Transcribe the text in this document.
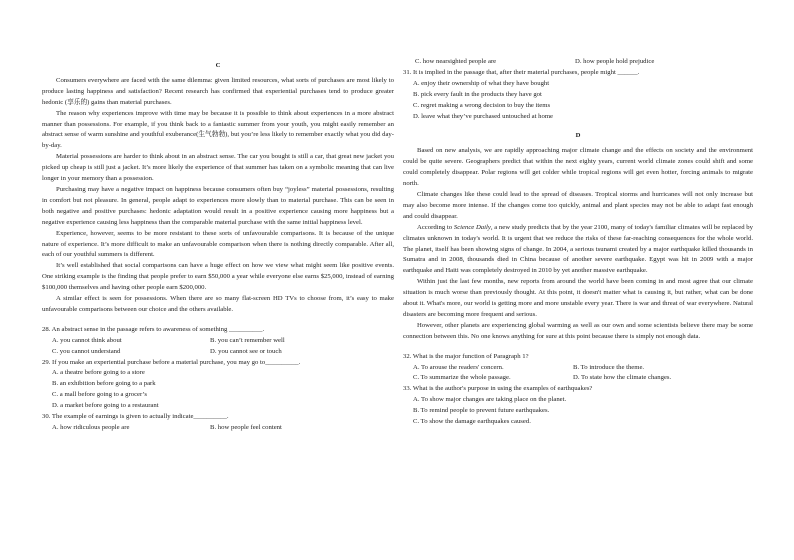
C

Consumers everywhere are faced with the same dilemma: given limited resources, what sorts of purchases are most likely to produce lasting happiness and satisfaction? Recent research has confirmed that experiential purchases tend to produce greater hedonic (享乐的) gains than material purchases.

The reason why experiences improve with time may be because it is possible to think about experiences in a more abstract manner than possessions. For example, if you think back to a fantastic summer from your youth, you might easily remember an abstract sense of warm sunshine and youthful exuberance(生气勃勃), but you’re less likely to remember exactly what you did day-by-day.

Material possessions are harder to think about in an abstract sense. The car you bought is still a car, that great new jacket you picked up cheap is still just a jacket. It’s more likely the experience of that summer has taken on a symbolic meaning that can live longer in your memory than a possession.

Purchasing may have a negative impact on happiness because consumers often buy “joyless” material possessions, resulting in comfort but not pleasure. In general, people adapt to experiences more slowly than to material purchase. This can be seen in both negative and positive purchases: hedonic adaptation would result in a positive experience causing more happiness but a negative experience causing less happiness than the comparable material purchase with the same initial happiness level.

Experience, however, seems to be more resistant to these sorts of unfavourable comparisons. It is because of the unique nature of experience. It’s more difficult to make an unfavourable comparison when there is nothing directly comparable. After all, each of our youthful summers is different.

It’s well established that social comparisons can have a huge effect on how we view what might seem like positive events. One striking example is the finding that people prefer to earn $50,000 a year while everyone else earns $25,000, instead of earning $100,000 themselves and having other people earn $200,000.

A similar effect is seen for possessions. When there are so many flat-screen HD TVs to choose from, it’s easy to make unfavourable comparisons between our choice and the others available.

28. An abstract sense in the passage refers to awareness of something __________.
A. you cannot think about	B. you can’t remember well
C. you cannot understand	D. you cannot see or touch
29. If you make an experiential purchase before a material purchase, you may go to__________.
A. a theatre before going to a store
B. an exhibition before going to a park
C. a mall before going to a grocer’s
D. a market before going to a restaurant
30. The example of earnings is given to actually indicate__________.
A. how ridiculous people are	B. how people feel content
C. how nearsighted people are	D. how people hold prejudice
31. It is implied in the passage that, after their material purchases, people might ______.
A. enjoy their ownership of what they have bought
B. pick every fault in the products they have got
C. regret making a wrong decision to buy the items
D. leave what they’ve purchased untouched at home
D

Based on new analysis, we are rapidly approaching major climate change and the effects on society and the environment could be quite severe. Geographers predict that within the next eighty years, current world climate zones could shift and some could completely disappear. Polar regions will get colder while tropical regions will get even hotter, forcing animals to migrate north.

Climate changes like these could lead to the spread of diseases. Tropical storms and hurricanes will not only increase but may also become more intense. If the changes come too quickly, animal and plant species may not be able to adapt fast enough and could disappear.

According to Science Daily, a new study predicts that by the year 2100, many of today's familiar climates will be replaced by climates unknown in today's world. It is urgent that we reduce the risks of these far-reaching consequences for the whole world. The planet, itself has been showing signs of change. In 2004, a serious tsunami created by a major earthquake killed thousands in Sumatra and in 2008, thousands died in China because of another severe earthquake. Egypt was hit in 2009 with a major earthquake and Haiti was completely destroyed in 2010 by yet another massive earthquake.

Within just the last few months, new reports from around the world have been coming in and most agree that our climate situation is much worse than previously thought. At this point, it doesn't matter what is causing it, but rather, what can be done about it. What's more, our world is getting more and more unstable every year. There is war and threat of war everywhere. Natural disasters are becoming more frequent and serious.

However, other planets are experiencing global warming as well as our own and some scientists believe there may be some connection between this. No one knows anything for sure at this point because there is simply not enough data.

32. What is the major function of Paragraph 1?
A. To arouse the readers' concern.	B. To introduce the theme.
C. To summarize the whole passage.	D. To state how the climate changes.
33. What is the author's purpose in using the examples of earthquakes?
A. To show major changes are taking place on the planet.
B. To remind people to prevent future earthquakes.
C. To show the damage earthquakes caused.
